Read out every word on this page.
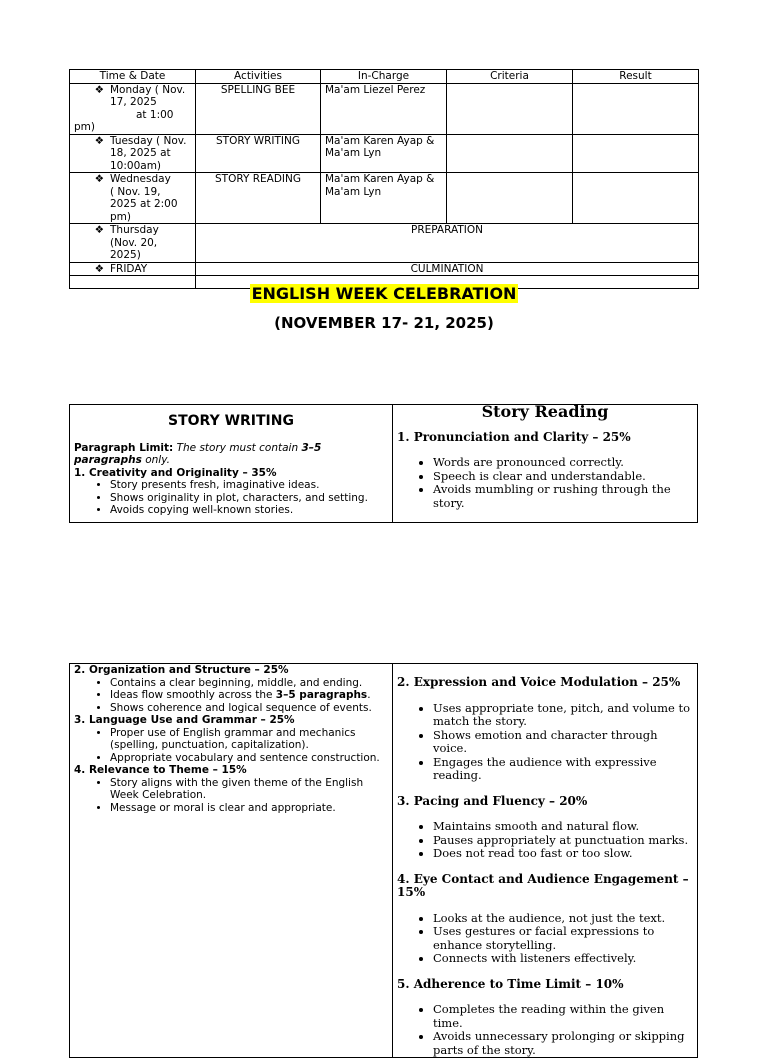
Time & Date	Activities	In-Charge	Criteria	Result

❖ Monday ( Nov.
17, 2025
at 1:00
pm)	SPELLING BEE	Ma'am Liezel Perez		

❖ Tuesday ( Nov.
18, 2025 at
10:00am)	STORY WRITING	Ma'am Karen Ayap & Ma'am Lyn		

❖ Wednesday
( Nov. 19,
2025 at 2:00
pm)	STORY READING	Ma'am Karen Ayap & Ma'am Lyn		

❖ Thursday
(Nov. 20,
2025)	PREPARATION			

❖ FRIDAY	CULMINATION			

ENGLISH WEEK CELEBRATION
(NOVEMBER 17- 21, 2025)
STORY WRITING
Paragraph Limit: The story must contain 3–5 paragraphs only.
1. Creativity and Originality – 35%
• Story presents fresh, imaginative ideas.
• Shows originality in plot, characters, and setting.
• Avoids copying well-known stories.

Story Reading
1. Pronunciation and Clarity – 25%
• Words are pronounced correctly.
• Speech is clear and understandable.
• Avoids mumbling or rushing through the story.
2. Organization and Structure – 25%
• Contains a clear beginning, middle, and ending.
• Ideas flow smoothly across the 3–5 paragraphs.
• Shows coherence and logical sequence of events.
3. Language Use and Grammar – 25%
• Proper use of English grammar and mechanics (spelling, punctuation, capitalization).
• Appropriate vocabulary and sentence construction.
4. Relevance to Theme – 15%
• Story aligns with the given theme of the English Week Celebration.
• Message or moral is clear and appropriate.

2. Expression and Voice Modulation – 25%
• Uses appropriate tone, pitch, and volume to match the story.
• Shows emotion and character through voice.
• Engages the audience with expressive reading.
3. Pacing and Fluency – 20%
• Maintains smooth and natural flow.
• Pauses appropriately at punctuation marks.
• Does not read too fast or too slow.
4. Eye Contact and Audience Engagement – 15%
• Looks at the audience, not just the text.
• Uses gestures or facial expressions to enhance storytelling.
• Connects with listeners effectively.
5. Adherence to Time Limit – 10%
• Completes the reading within the given time.
• Avoids unnecessary prolonging or skipping parts of the story.
